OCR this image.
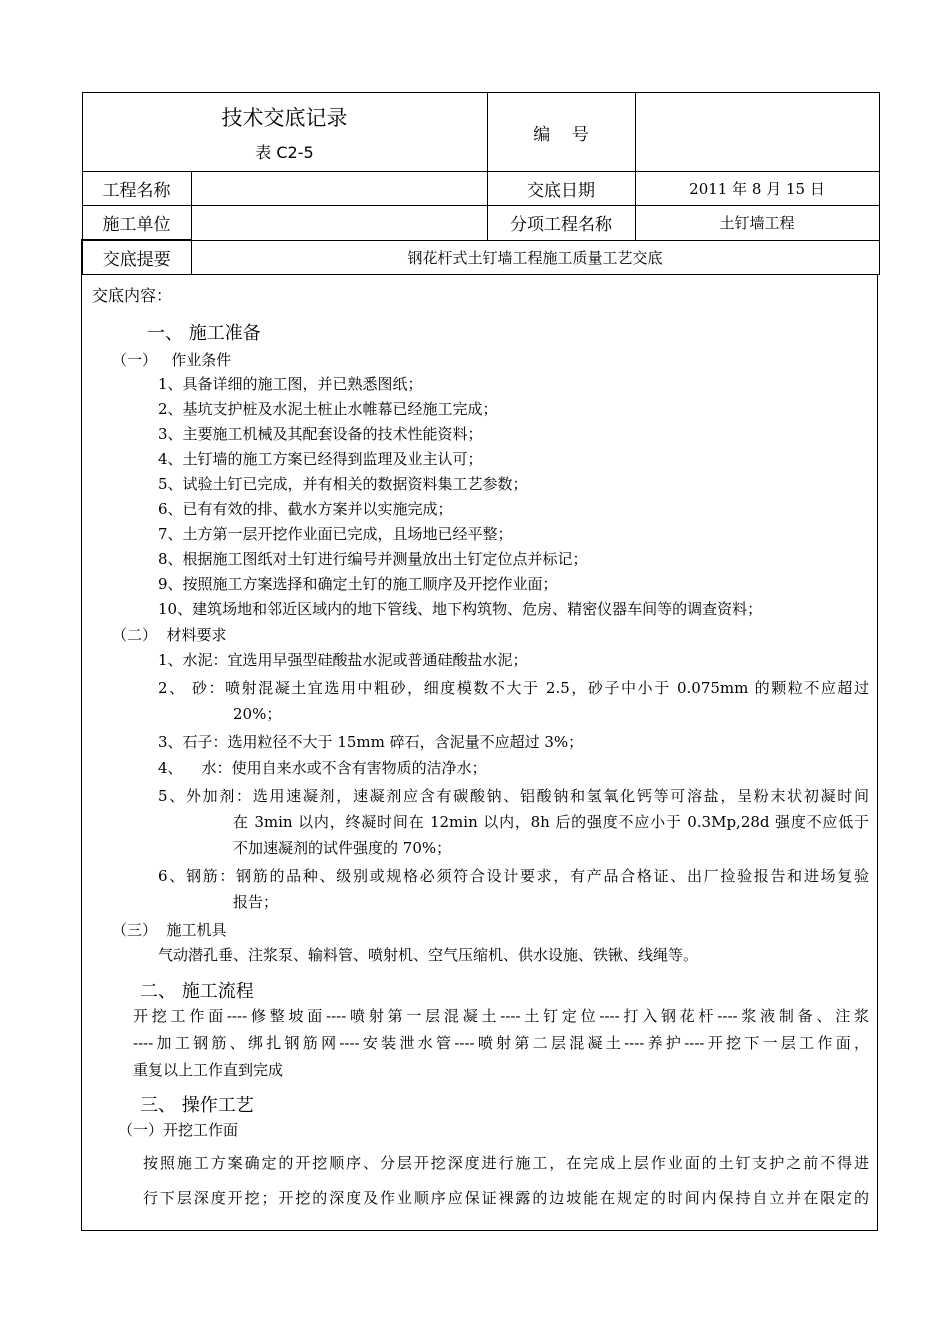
技术交底记录
表 C2-5		编    号	
工程名称		交底日期	2011 年 8 月 15 日
施工单位		分项工程名称	土钉墙工程
交底提要	钢花杆式土钉墙工程施工质量工艺交底		
交底内容：
一、 施工准备
（一）   作业条件
1、具备详细的施工图，并已熟悉图纸；
2、基坑支护桩及水泥土桩止水帷幕已经施工完成；
3、主要施工机械及其配套设备的技术性能资料；
4、土钉墙的施工方案已经得到监理及业主认可；
5、试验土钉已完成，并有相关的数据资料集工艺参数；
6、已有有效的排、截水方案并以实施完成；
7、土方第一层开挖作业面已完成，且场地已经平整；
8、根据施工图纸对土钉进行编号并测量放出土钉定位点并标记；
9、按照施工方案选择和确定土钉的施工顺序及开挖作业面；
10、建筑场地和邻近区域内的地下管线、地下构筑物、危房、精密仪器车间等的调查资料；
（二）  材料要求
1、水泥：宜选用早强型硅酸盐水泥或普通硅酸盐水泥；
2、 砂：喷射混凝土宜选用中粗砂，细度模数不大于 2.5，砂子中小于 0.075mm 的颗粒不应超过
20%；
3、石子：选用粒径不大于 15mm 碎石，含泥量不应超过 3%；
4、    水：使用自来水或不含有害物质的洁净水；
5、外加剂：选用速凝剂，速凝剂应含有碳酸钠、铝酸钠和氢氧化钙等可溶盐，呈粉末状初凝时间
在 3min 以内，终凝时间在 12min 以内，8h 后的强度不应小于 0.3Mp,28d 强度不应低于
不加速凝剂的试件强度的 70%；
6、钢筋：钢筋的品种、级别或规格必须符合设计要求，有产品合格证、出厂捡验报告和进场复验
报告；
（三）  施工机具
气动潜孔垂、注浆泵、输料管、喷射机、空气压缩机、供水设施、铁锹、线绳等。
二、 施工流程
开挖工作面----修整坡面----喷射第一层混凝土----土钉定位----打入钢花杆----浆液制备、注浆
----加工钢筋、绑扎钢筋网----安装泄水管----喷射第二层混凝土----养护----开挖下一层工作面，
重复以上工作直到完成
三、 操作工艺
（一）开挖工作面
按照施工方案确定的开挖顺序、分层开挖深度进行施工，在完成上层作业面的土钉支护之前不得进
行下层深度开挖；开挖的深度及作业顺序应保证裸露的边坡能在规定的时间内保持自立并在限定的
